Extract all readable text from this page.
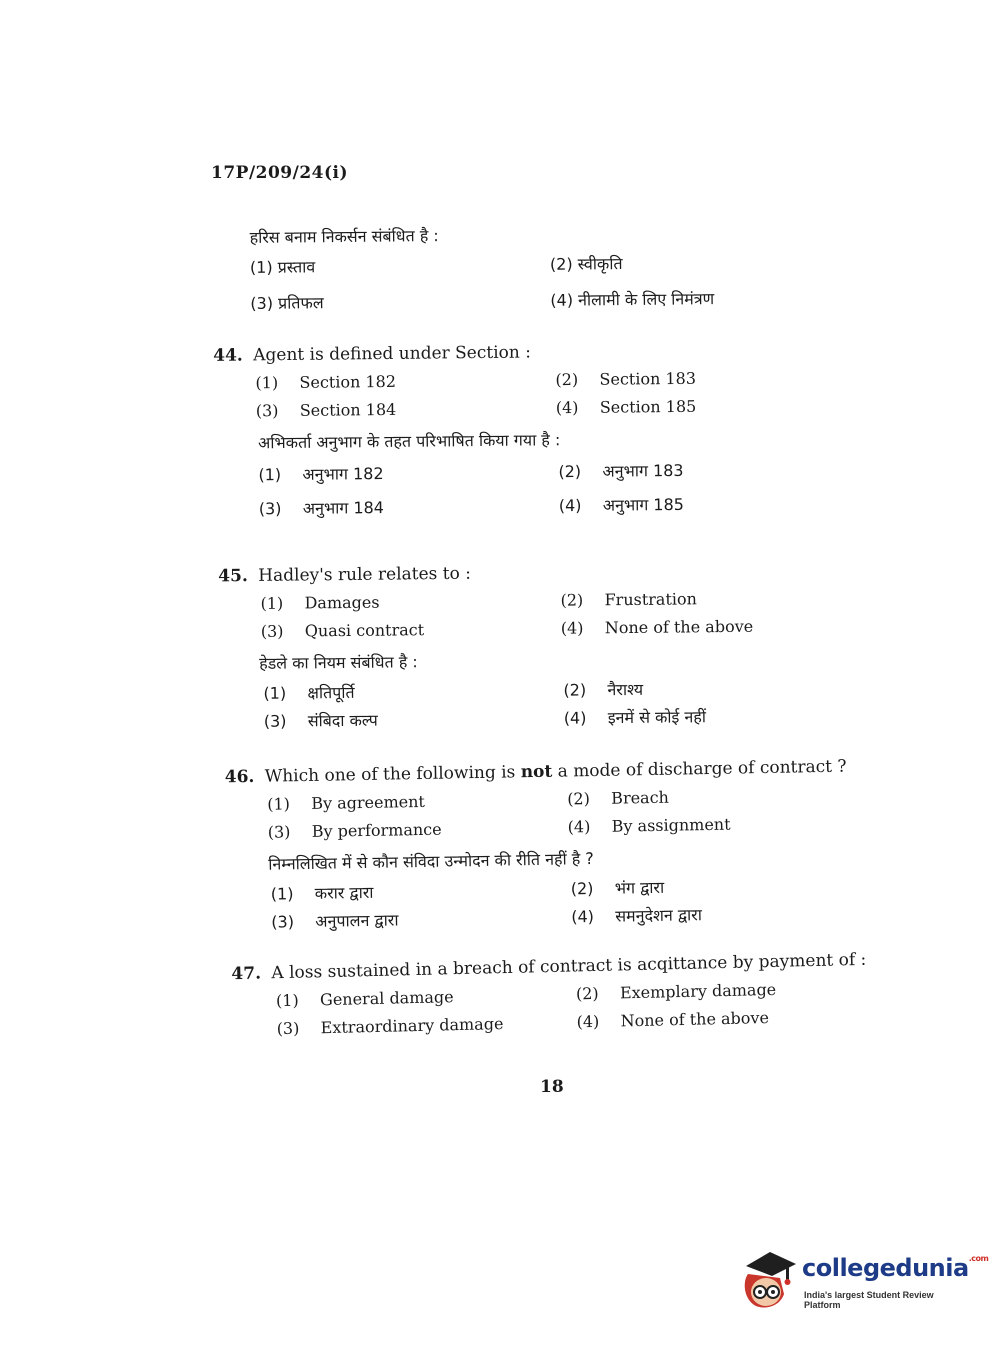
17P/209/24(i)
हरिस बनाम निकर्सन संबंधित है :
(1) प्रस्ताव	(2) स्वीकृति
(3) प्रतिफल	(4) नीलामी के लिए निमंत्रण

44. Agent is defined under Section :

(1) Section 182	(2) Section 183
(3) Section 184	(4) Section 185
अभिकर्ता अनुभाग के तहत परिभाषित किया गया है :
(1) अनुभाग 182	(2) अनुभाग 183
(3) अनुभाग 184	(4) अनुभाग 185

45. Hadley's rule relates to :

(1) Damages	(2) Frustration
(3) Quasi contract	(4) None of the above
हेडले का नियम संबंधित है :
(1) क्षतिपूर्ति	(2) नैराश्य
(3) संबिदा कल्प	(4) इनमें से कोई नहीं

46. Which one of the following is not a mode of discharge of contract ?

(1) By agreement	(2) Breach
(3) By performance	(4) By assignment
निम्नलिखित में से कौन संविदा उन्मोदन की रीति नहीं है ?
(1) करार द्वारा	(2) भंग द्वारा
(3) अनुपालन द्वारा	(4) समनुदेशन द्वारा

47. A loss sustained in a breach of contract is acqittance by payment of :

(1) General damage	(2) Exemplary damage
(3) Extraordinary damage	(4) None of the above
18
collegedunia$^{.com}$
India's largest Student Review Platform
